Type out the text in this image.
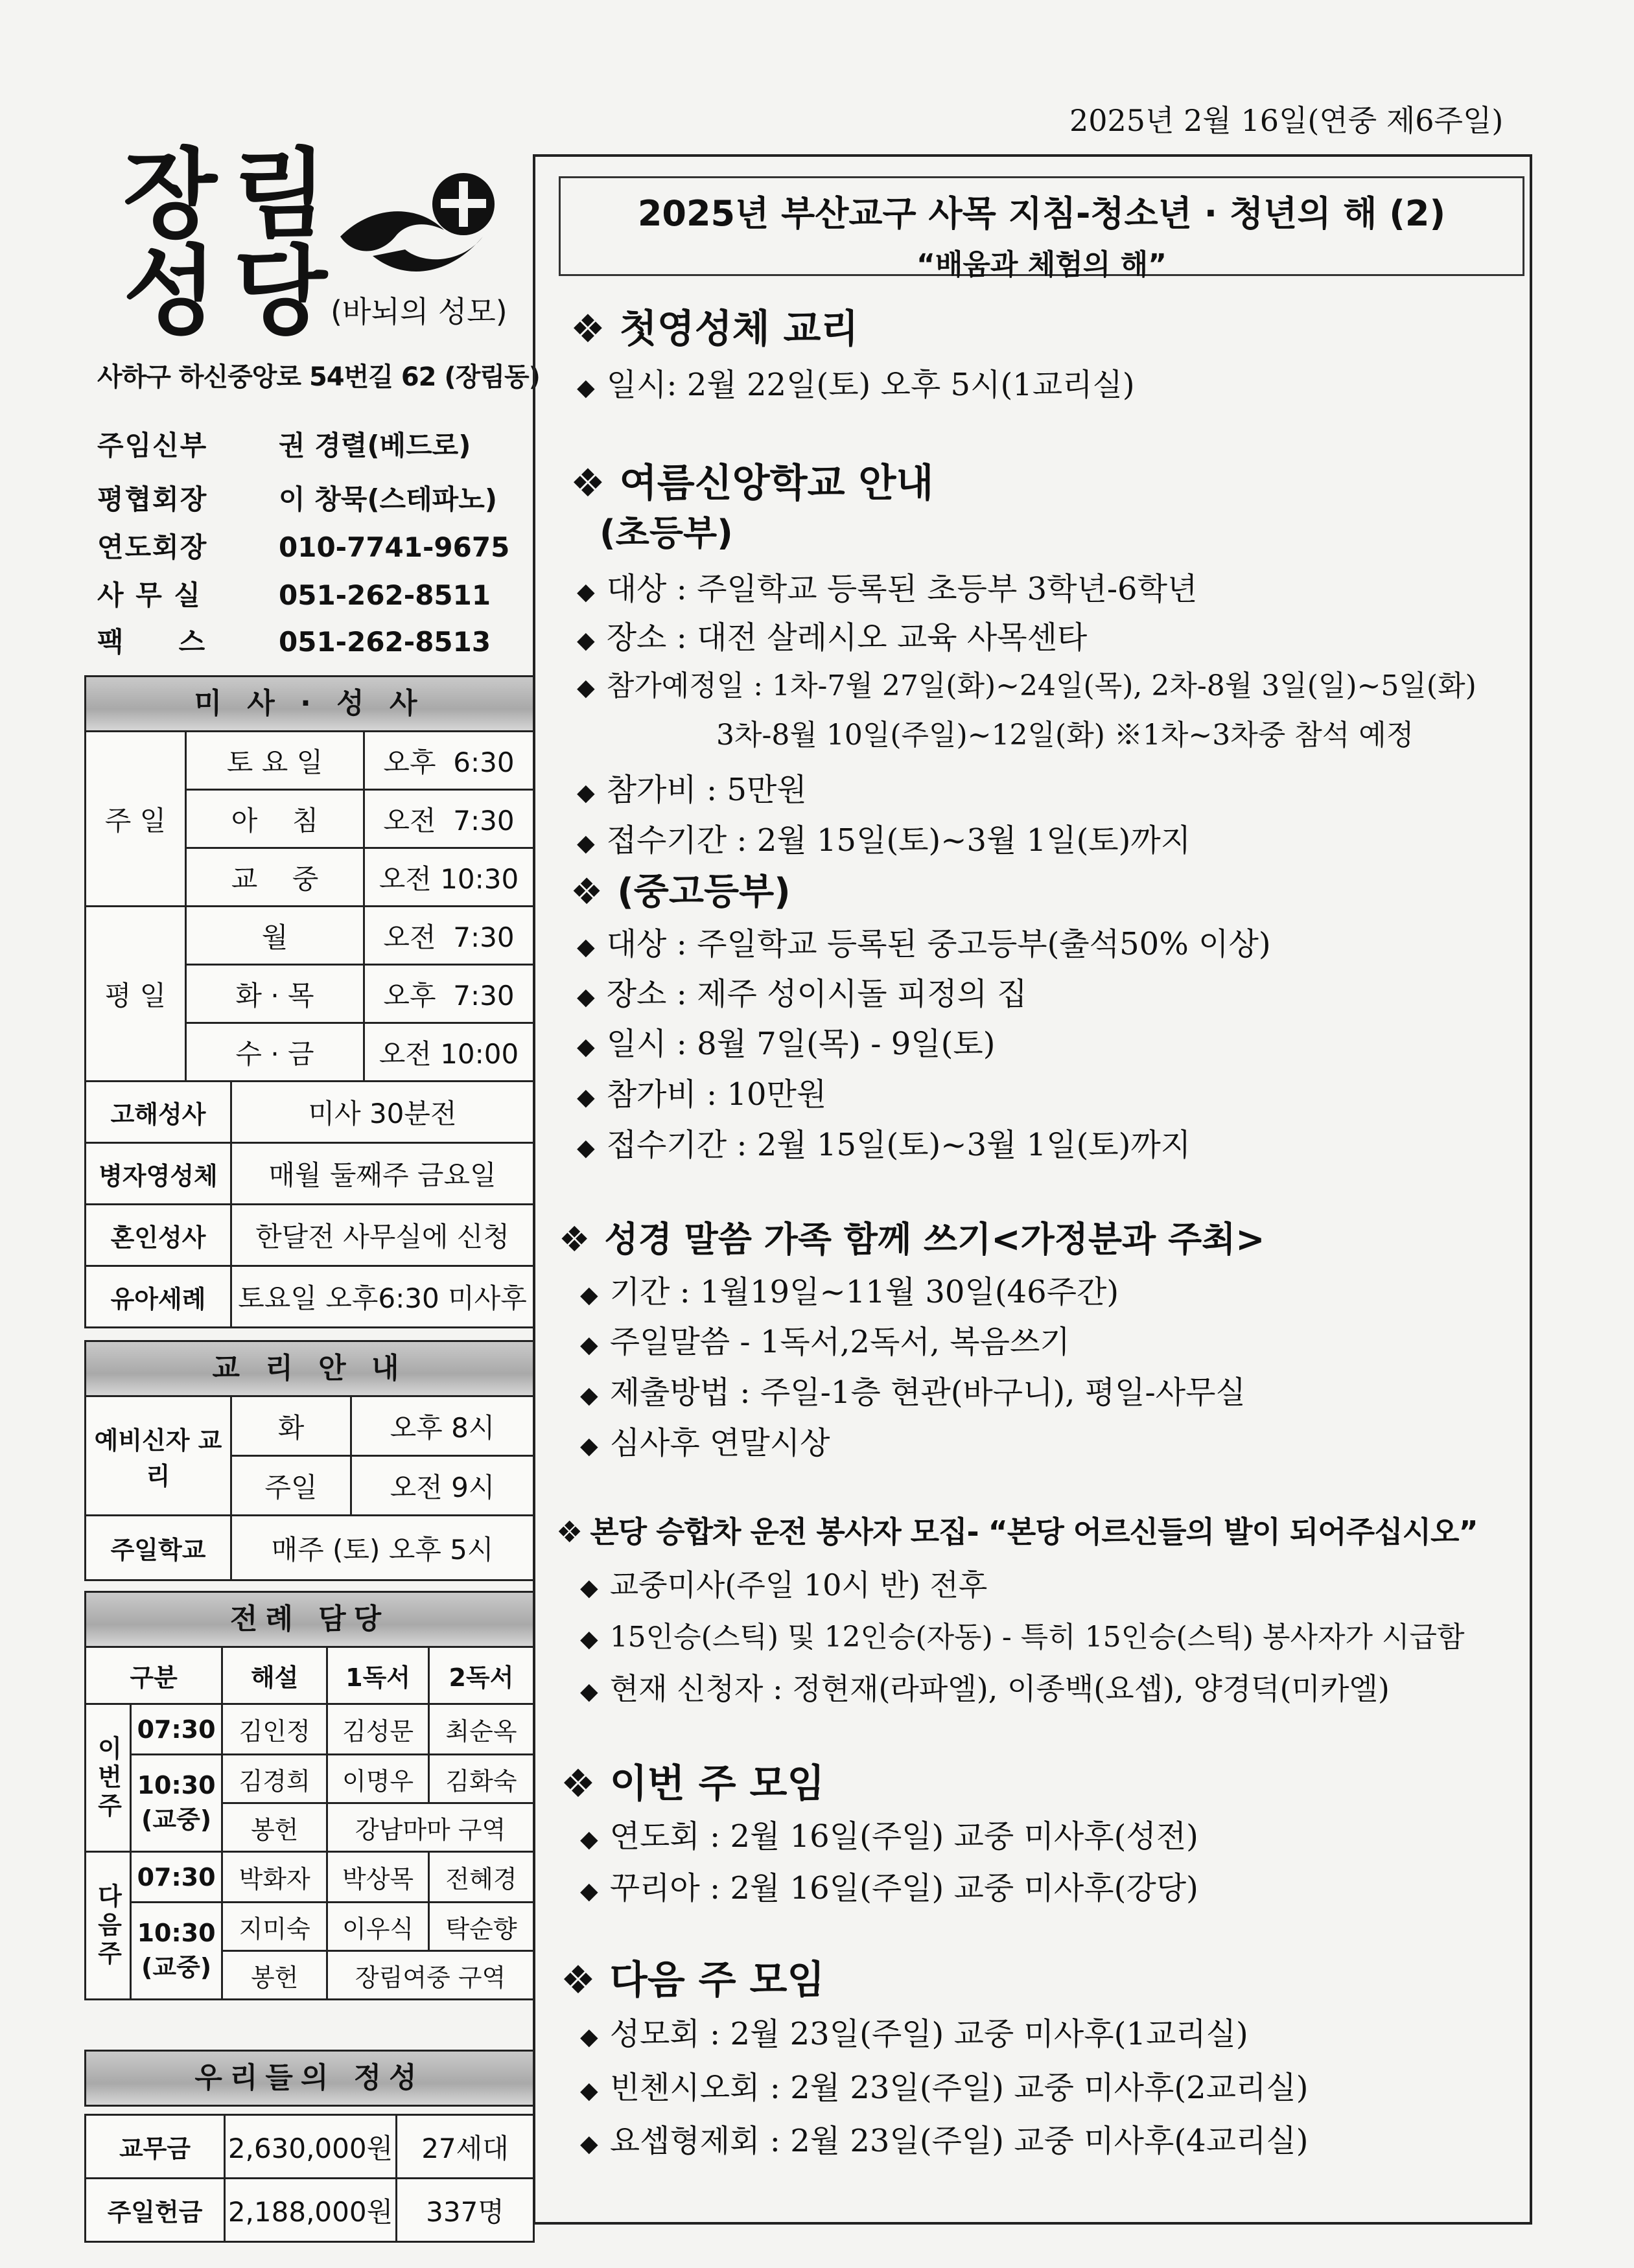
2025년 2월 16일(연중 제6주일)
장 림
성 당 (바뇌의 성모)
사하구 하신중앙로 54번길 62 (장림동)
주임신부	권 경렬(베드로)
평협회장	이 창묵(스테파노)
연도회장	010-7741-9675
사 무 실	051-262-8511
팩     스	051-262-8513
미 사 · 성 사
주 일	토 요 일	오후  6:30
	아    침	오전  7:30
	교    중	오전 10:30
평 일	월	오전  7:30
	화 · 목	오후  7:30
	수 · 금	오전 10:00
고해성사	미사 30분전
병자영성체	매월 둘째주 금요일
혼인성사	한달전 사무실에 신청
유아세례	토요일 오후6:30 미사후
교 리 안 내
예비신자 교리	화	오후 8시
	주일	오전 9시
주일학교	매주 (토) 오후 5시	
전례 담당
구분		해설	1독서	2독서
이번주	07:30	김인정	김성문	최순옥
	10:30 (교중)	김경희	이명우	김화숙
		봉헌	강남마마 구역	
다음주	07:30	박화자	박상목	전혜경
	10:30 (교중)	지미숙	이우식	탁순향
		봉헌	장림여중 구역	
우리들의 정성
교무금	2,630,000원	27세대
주일헌금	2,188,000원	337명
2025년 부산교구 사목 지침-청소년 · 청년의 해 (2)
“배움과 체험의 해”
❖ 첫영성체 교리
◆ 일시: 2월 22일(토) 오후 5시(1교리실)
❖ 여름신앙학교 안내
(초등부)
◆ 대상 : 주일학교 등록된 초등부 3학년-6학년
◆ 장소 : 대전 살레시오 교육 사목센타
◆ 참가예정일 : 1차-7월 27일(화)~24일(목), 2차-8월 3일(일)~5일(화)
3차-8월 10일(주일)~12일(화) ※1차~3차중 참석 예정
◆ 참가비 : 5만원
◆ 접수기간 : 2월 15일(토)~3월 1일(토)까지
❖ (중고등부)
◆ 대상 : 주일학교 등록된 중고등부(출석50% 이상)
◆ 장소 : 제주 성이시돌 피정의 집
◆ 일시 : 8월 7일(목) - 9일(토)
◆ 참가비 : 10만원
◆ 접수기간 : 2월 15일(토)~3월 1일(토)까지
❖ 성경 말씀 가족 함께 쓰기<가정분과 주최>
◆ 기간 : 1월19일~11월 30일(46주간)
◆ 주일말씀 - 1독서,2독서, 복음쓰기
◆ 제출방법 : 주일-1층 현관(바구니), 평일-사무실
◆ 심사후 연말시상
❖ 본당 승합차 운전 봉사자 모집- “본당 어르신들의 발이 되어주십시오”
◆ 교중미사(주일 10시 반) 전후
◆ 15인승(스틱) 및 12인승(자동) - 특히 15인승(스틱) 봉사자가 시급함
◆ 현재 신청자 : 정현재(라파엘), 이종백(요셉), 양경덕(미카엘)
❖ 이번 주 모임
◆ 연도회 : 2월 16일(주일) 교중 미사후(성전)
◆ 꾸리아 : 2월 16일(주일) 교중 미사후(강당)
❖ 다음 주 모임
◆ 성모회 : 2월 23일(주일) 교중 미사후(1교리실)
◆ 빈첸시오회 : 2월 23일(주일) 교중 미사후(2교리실)
◆ 요셉형제회 : 2월 23일(주일) 교중 미사후(4교리실)
